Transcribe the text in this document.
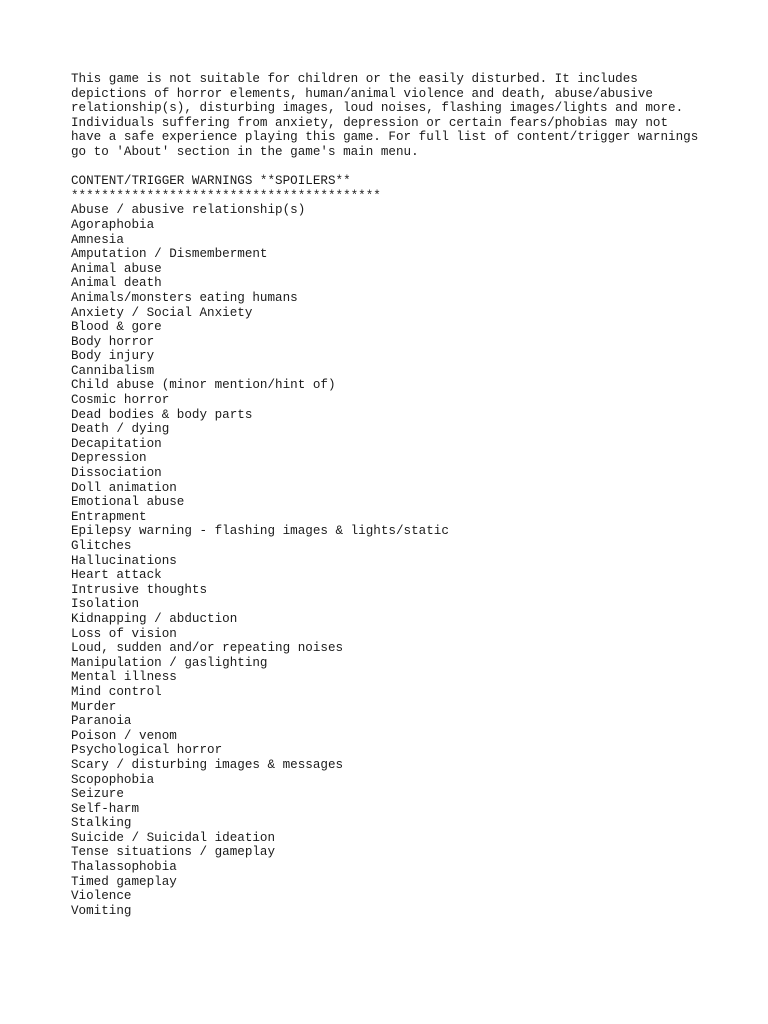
This game is not suitable for children or the easily disturbed. It includes
depictions of horror elements, human/animal violence and death, abuse/abusive
relationship(s), disturbing images, loud noises, flashing images/lights and more.
Individuals suffering from anxiety, depression or certain fears/phobias may not
have a safe experience playing this game. For full list of content/trigger warnings
go to 'About' section in the game's main menu.
CONTENT/TRIGGER WARNINGS **SPOILERS**
*****************************************
Abuse / abusive relationship(s)
Agoraphobia
Amnesia
Amputation / Dismemberment
Animal abuse
Animal death
Animals/monsters eating humans
Anxiety / Social Anxiety
Blood & gore
Body horror
Body injury
Cannibalism
Child abuse (minor mention/hint of)
Cosmic horror
Dead bodies & body parts
Death / dying
Decapitation
Depression
Dissociation
Doll animation
Emotional abuse
Entrapment
Epilepsy warning - flashing images & lights/static
Glitches
Hallucinations
Heart attack
Intrusive thoughts
Isolation
Kidnapping / abduction
Loss of vision
Loud, sudden and/or repeating noises
Manipulation / gaslighting
Mental illness
Mind control
Murder
Paranoia
Poison / venom
Psychological horror
Scary / disturbing images & messages
Scopophobia
Seizure
Self-harm
Stalking
Suicide / Suicidal ideation
Tense situations / gameplay
Thalassophobia
Timed gameplay
Violence
Vomiting
